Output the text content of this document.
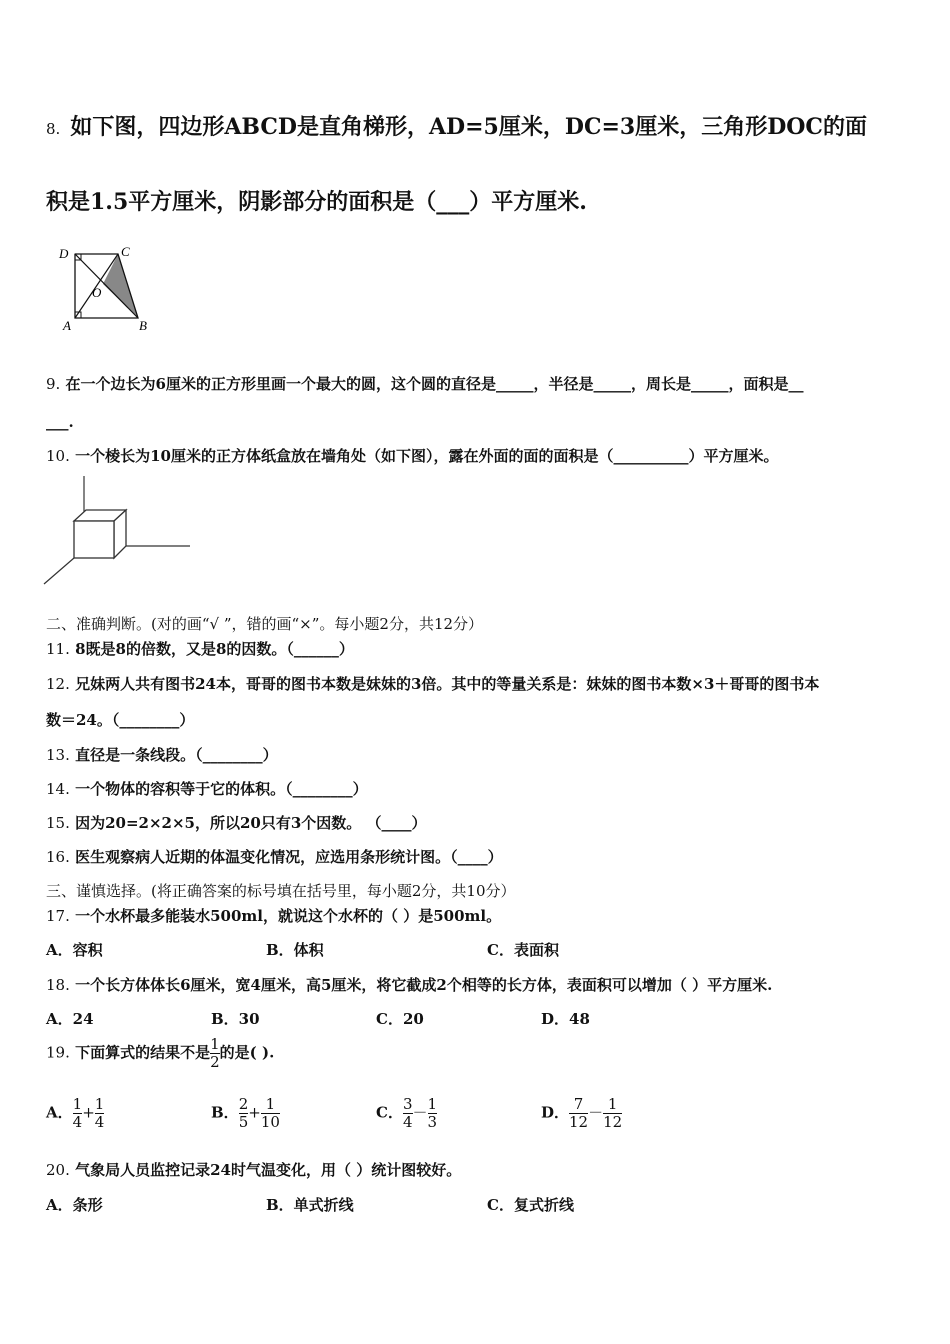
8. 如下图，四边形ABCD是直角梯形，AD=5厘米，DC=3厘米，三角形DOC的面
积是1.5平方厘米，阴影部分的面积是（___）平方厘米.
D	C
O
A	B
9. 在一个边长为6厘米的正方形里画一个最大的圆，这个圆的直径是_____，半径是_____，周长是_____，面积是__
___.
10. 一个棱长为10厘米的正方体纸盒放在墙角处（如下图），露在外面的面的面积是（__________）平方厘米。
二、准确判断。(对的画“√ ”，错的画“×”。每小题2分，共12分）
11. 8既是8的倍数，又是8的因数。（______）
12. 兄妹两人共有图书24本，哥哥的图书本数是妹妹的3倍。其中的等量关系是：妹妹的图书本数×3＋哥哥的图书本
数＝24。（________）
13. 直径是一条线段。（________）
14. 一个物体的容积等于它的体积。（________）
15. 因为20=2×2×5，所以20只有3个因数。 （____）
16. 医生观察病人近期的体温变化情况，应选用条形统计图。（____）
三、谨慎选择。(将正确答案的标号填在括号里，每小题2分，共10分）
17. 一个水杯最多能装水500ml，就说这个水杯的（ ）是500ml。
A．容积	B．体积	C．表面积
18. 一个长方体体长6厘米，宽4厘米，高5厘米，将它截成2个相等的长方体，表面积可以增加（ ）平方厘米.
A．24	B．30	C．20	D．48
19. 下面算式的结果不是 $\frac{1}{2}$ 的是( ).
A． $\frac{1}{4} + \frac{1}{4}$	B． $\frac{2}{5} + \frac{1}{10}$	C． $\frac{3}{4} - \frac{1}{3}$	D． $\frac{7}{12} - \frac{1}{12}$
20. 气象局人员监控记录24时气温变化，用（ ）统计图较好。
A．条形	B．单式折线	C．复式折线
